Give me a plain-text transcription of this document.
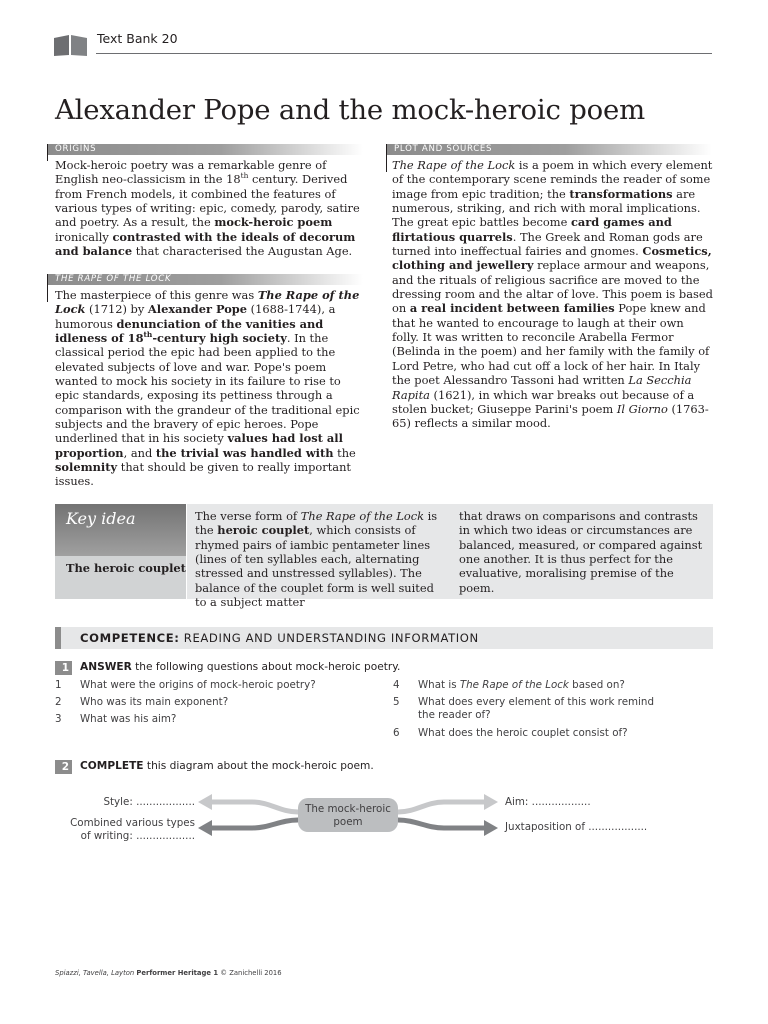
Text Bank 20
Alexander Pope and the mock-heroic poem
ORIGINS
Mock-heroic poetry was a remarkable genre of English neo-classicism in the 18th century. Derived from French models, it combined the features of various types of writing: epic, comedy, parody, satire and poetry. As a result, the mock-heroic poem ironically contrasted with the ideals of decorum and balance that characterised the Augustan Age.
THE RAPE OF THE LOCK
The masterpiece of this genre was The Rape of the Lock (1712) by Alexander Pope (1688-1744), a humorous denunciation of the vanities and idleness of 18th-century high society. In the classical period the epic had been applied to the elevated subjects of love and war. Pope's poem wanted to mock his society in its failure to rise to epic standards, exposing its pettiness through a comparison with the grandeur of the traditional epic subjects and the bravery of epic heroes. Pope underlined that in his society values had lost all proportion, and the trivial was handled with the solemnity that should be given to really important issues.
PLOT AND SOURCES
The Rape of the Lock is a poem in which every element of the contemporary scene reminds the reader of some image from epic tradition; the transformations are numerous, striking, and rich with moral implications. The great epic battles become card games and flirtatious quarrels. The Greek and Roman gods are turned into ineffectual fairies and gnomes. Cosmetics, clothing and jewellery replace armour and weapons, and the rituals of religious sacrifice are moved to the dressing room and the altar of love. This poem is based on a real incident between families Pope knew and that he wanted to encourage to laugh at their own folly. It was written to reconcile Arabella Fermor (Belinda in the poem) and her family with the family of Lord Petre, who had cut off a lock of her hair. In Italy the poet Alessandro Tassoni had written La Secchia Rapita (1621), in which war breaks out because of a stolen bucket; Giuseppe Parini's poem Il Giorno (1763-65) reflects a similar mood.
Key idea
The heroic couplet
The verse form of The Rape of the Lock is the heroic couplet, which consists of rhymed pairs of iambic pentameter lines (lines of ten syllables each, alternating stressed and unstressed syllables). The balance of the couplet form is well suited to a subject matter
that draws on comparisons and contrasts in which two ideas or circumstances are balanced, measured, or compared against one another. It is thus perfect for the evaluative, moralising premise of the poem.
COMPETENCE: READING AND UNDERSTANDING INFORMATION
1 ANSWER the following questions about mock-heroic poetry.
1 What were the origins of mock-heroic poetry?
2 Who was its main exponent?
3 What was his aim?
4 What is The Rape of the Lock based on?
5 What does every element of this work remind
the reader of?
6 What does the heroic couplet consist of?
2 COMPLETE this diagram about the mock-heroic poem.
The mock-heroic poem
Style: ..................
Combined various types
of writing: ..................
Aim: ..................
Juxtaposition of ..................
Spiazzi, Tavella, Layton Performer Heritage 1 © Zanichelli 2016
